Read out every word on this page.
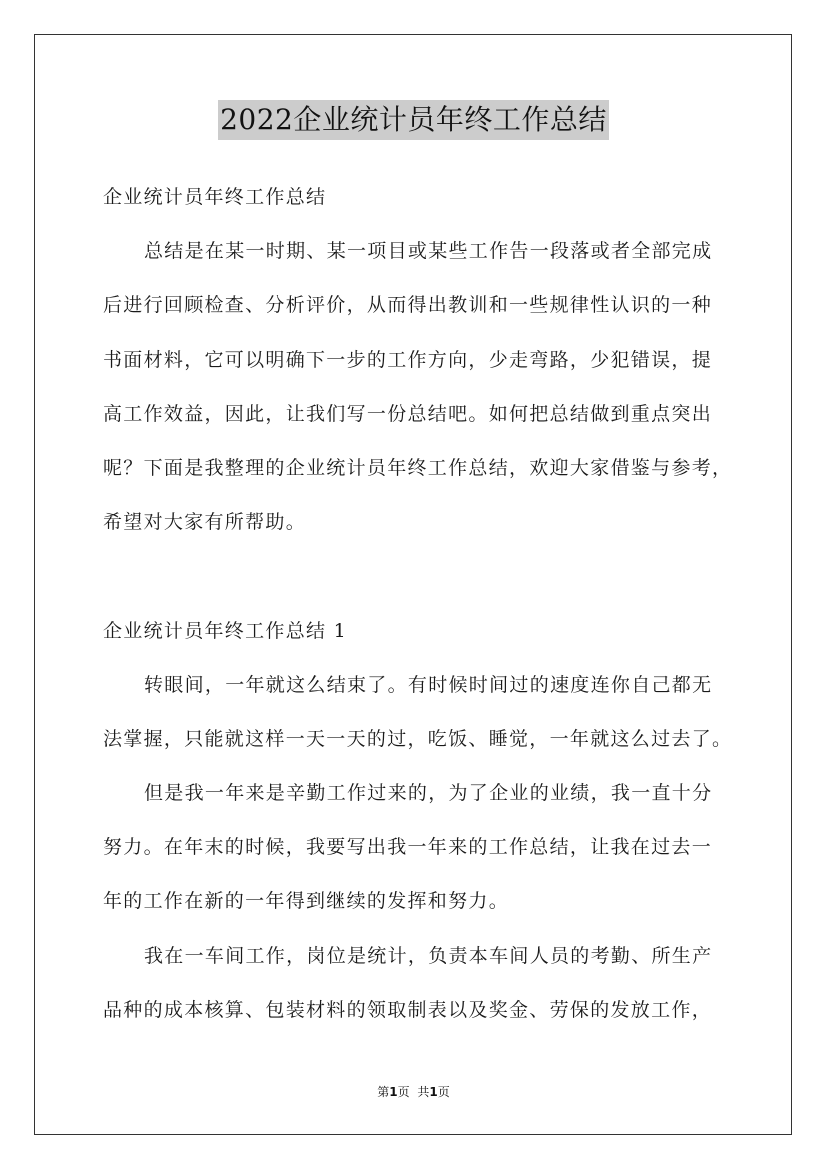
2022企业统计员年终工作总结
企业统计员年终工作总结
总结是在某一时期、某一项目或某些工作告一段落或者全部完成
后进行回顾检查、分析评价，从而得出教训和一些规律性认识的一种
书面材料，它可以明确下一步的工作方向，少走弯路，少犯错误，提
高工作效益，因此，让我们写一份总结吧。如何把总结做到重点突出
呢？下面是我整理的企业统计员年终工作总结，欢迎大家借鉴与参考，
希望对大家有所帮助。
企业统计员年终工作总结 1
转眼间，一年就这么结束了。有时候时间过的速度连你自己都无
法掌握，只能就这样一天一天的过，吃饭、睡觉，一年就这么过去了。
但是我一年来是辛勤工作过来的，为了企业的业绩，我一直十分
努力。在年末的时候，我要写出我一年来的工作总结，让我在过去一
年的工作在新的一年得到继续的发挥和努力。
我在一车间工作，岗位是统计，负责本车间人员的考勤、所生产
品种的成本核算、包装材料的领取制表以及奖金、劳保的发放工作，
第1页 共1页
